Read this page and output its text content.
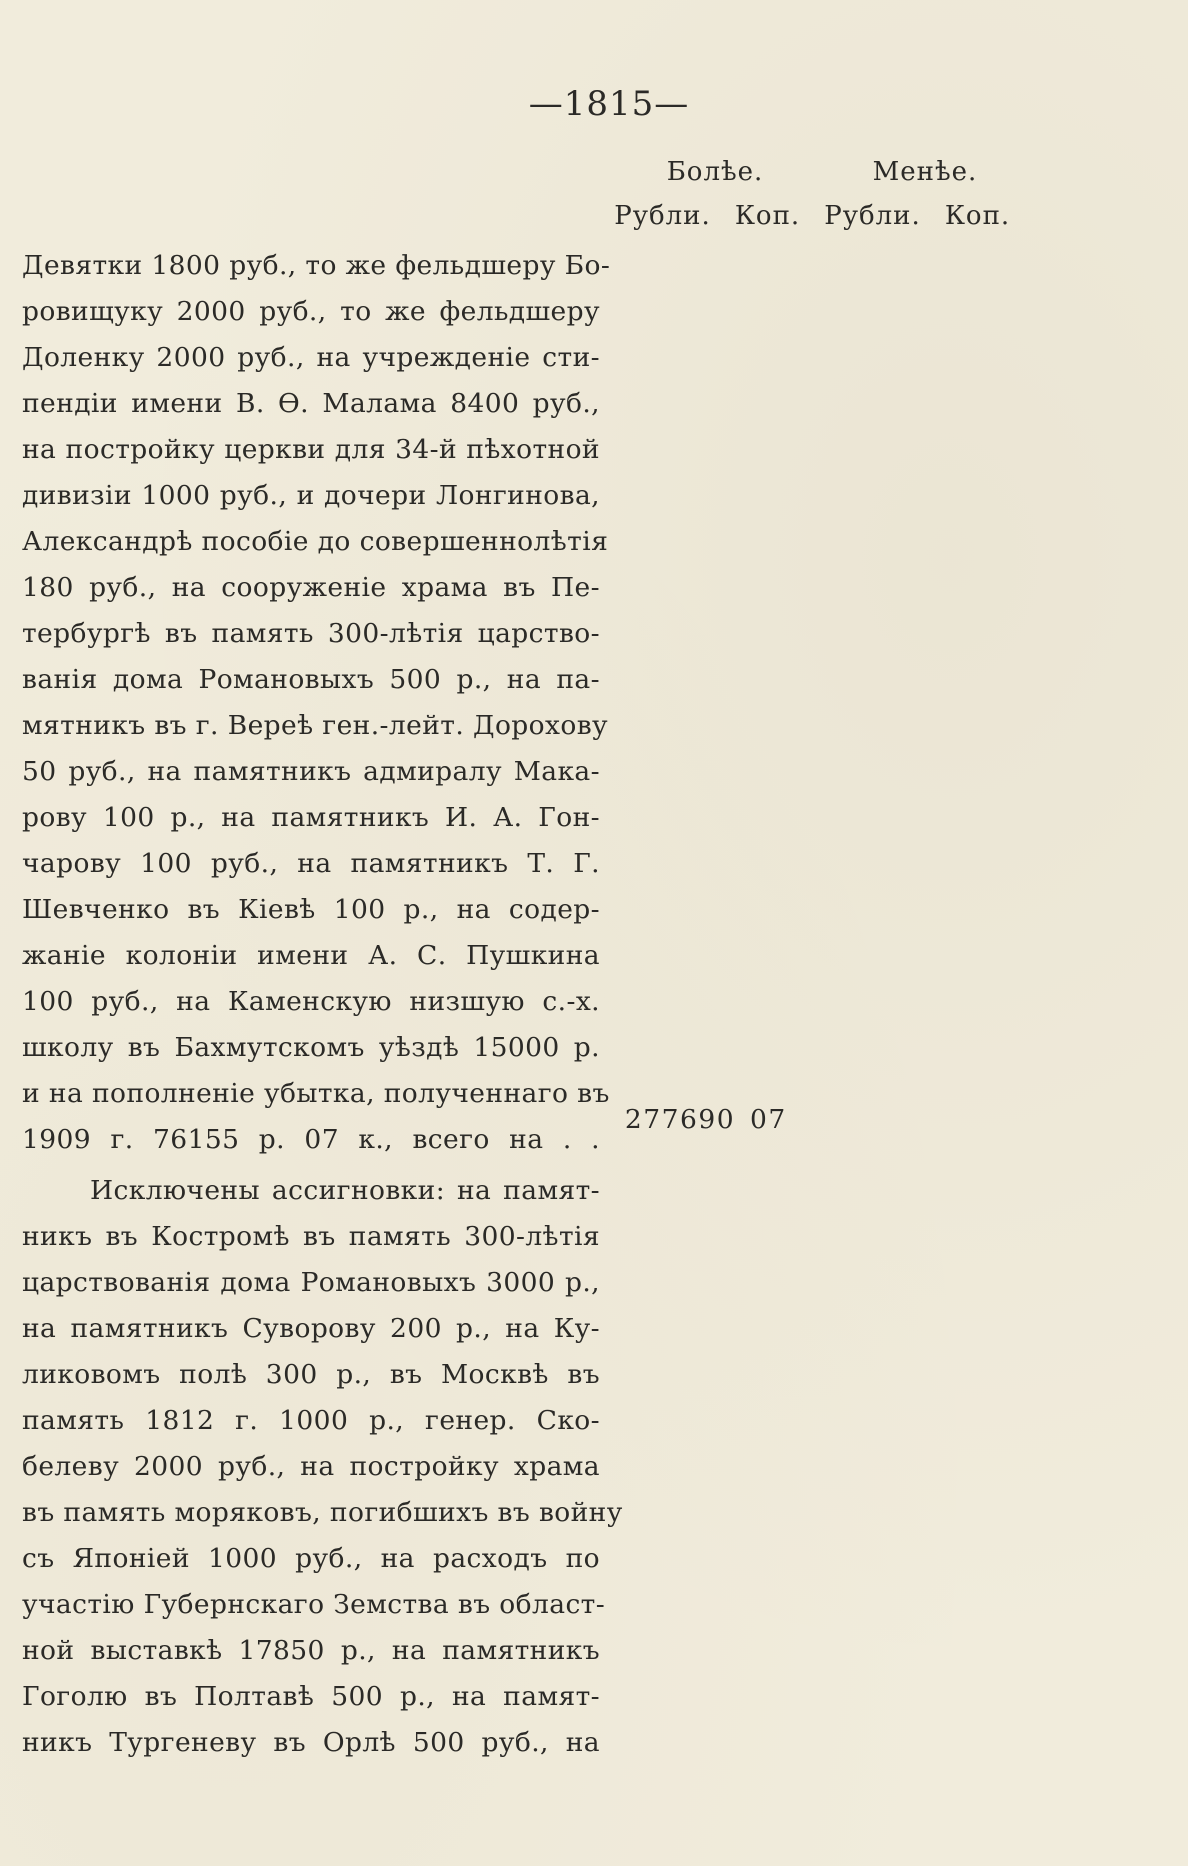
—1815—
Болѣе.	Менѣе.
Рубли. Коп. Рубли. Коп.
Девятки 1800 руб., то же фельдшеру Бо-
ровищуку 2000 руб., то же фельдшеру
Доленку 2000 руб., на учрежденіе сти-
пендіи имени В. Ѳ. Малама 8400 руб.,
на постройку церкви для 34-й пѣхотной
дивизіи 1000 руб., и дочери Лонгинова,
Александрѣ пособіе до совершеннолѣтія
180 руб., на сооруженіе храма въ Пе-
тербургѣ въ память 300-лѣтія царство-
ванія дома Романовыхъ 500 р., на па-
мятникъ въ г. Вереѣ ген.-лейт. Дорохову
50 руб., на памятникъ адмиралу Мака-
рову 100 р., на памятникъ И. А. Гон-
чарову 100 руб., на памятникъ Т. Г.
Шевченко въ Кіевѣ 100 р., на содер-
жаніе колоніи имени А. С. Пушкина
100 руб., на Каменскую низшую с.-х.
школу въ Бахмутскомъ уѣздѣ 15000 р.
и на пополненіе убытка, полученнаго въ
1909 г. 76155 р. 07 к., всего на . .
Исключены ассигновки: на памят-
никъ въ Костромѣ въ память 300-лѣтія
царствованія дома Романовыхъ 3000 р.,
на памятникъ Суворову 200 р., на Ку-
ликовомъ полѣ 300 р., въ Москвѣ въ
память 1812 г. 1000 р., генер. Ско-
белеву 2000 руб., на постройку храма
въ память моряковъ, погибшихъ въ войну
съ Японіей 1000 руб., на расходъ по
участію Губернскаго Земства въ област-
ной выставкѣ 17850 р., на памятникъ
Гоголю въ Полтавѣ 500 р., на памят-
никъ Тургеневу въ Орлѣ 500 руб., на
277690 07
